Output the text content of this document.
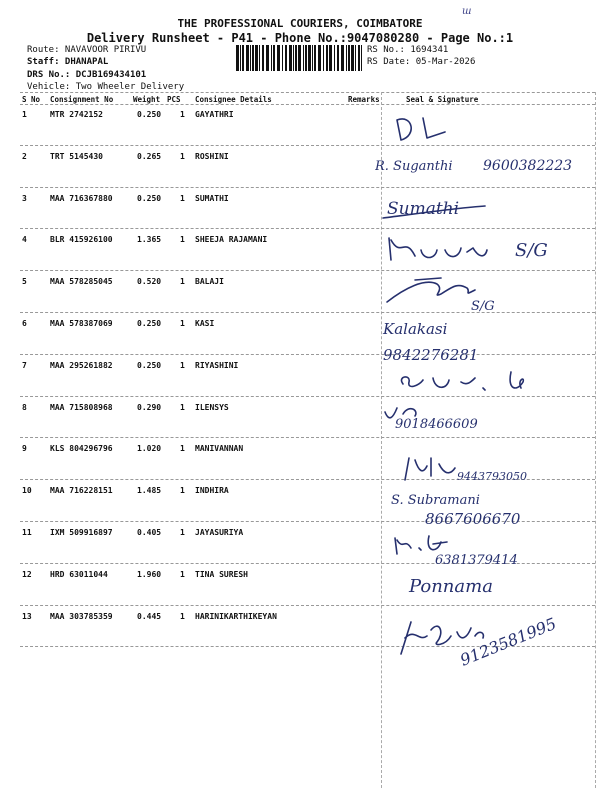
ш
THE PROFESSIONAL COURIERS, COIMBATORE
Delivery Runsheet - P41 - Phone No.:9047080280 - Page No.:1
Route: NAVAVOOR PIRIVU
Staff: DHANAPAL
DRS No.: DCJB169434101
Vehicle: Two Wheeler Delivery
RS No.: 1694341
RS Date: 05-Mar-2026
S No Consignment No	Weight PCS Consignee Details	Remarks	Seal & Signature
1	MTR 2742152	0.250 1 GAYATHRI
2	TRT 5145430	0.265 1 ROSHINI
3	MAA 716367880	0.250 1 SUMATHI
4	BLR 415926100	1.365 1 SHEEJA RAJAMANI
5	MAA 578285045	0.520 1 BALAJI
6	MAA 578387069	0.250 1 KASI
7	MAA 295261882	0.250 1 RIYASHINI
8	MAA 715808968	0.290 1 ILENSYS
9	KLS 804296796	1.020 1 MANIVANNAN
10 MAA 716228151	1.485 1 INDHIRA
11 IXM 509916897	0.405 1 JAYASURIYA
12 HRD 63011044	1.960 1 TINA SURESH
13 MAA 303785359	0.445 1 HARINIKARTHIKEYAN
R. Suganthi 9600382223
Sumathi
S/G
S/G
Kalakasi
9842276281
9018466609
9443793050
S. Subramani
8667606670
6381379414
Ponnama
9123581995
